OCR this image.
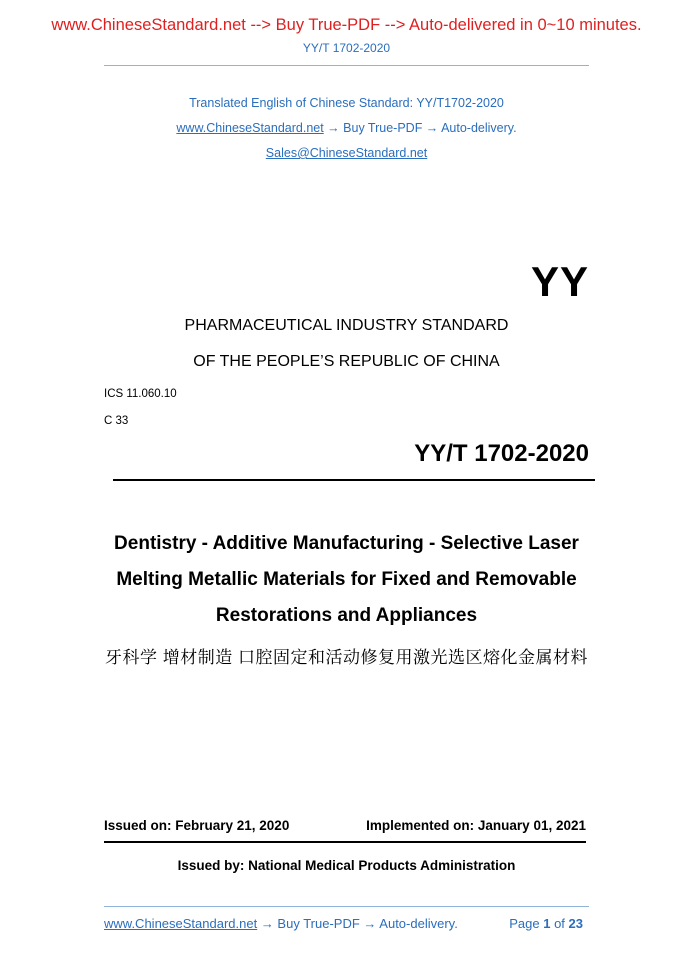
www.ChineseStandard.net --> Buy True-PDF --> Auto-delivered in 0~10 minutes.
YY/T 1702-2020
Translated English of Chinese Standard: YY/T1702-2020
www.ChineseStandard.net → Buy True-PDF → Auto-delivery.
Sales@ChineseStandard.net
YY
PHARMACEUTICAL INDUSTRY STANDARD
OF THE PEOPLE’S REPUBLIC OF CHINA
ICS 11.060.10
C 33
YY/T 1702-2020
Dentistry - Additive Manufacturing - Selective Laser
Melting Metallic Materials for Fixed and Removable
Restorations and Appliances
牙科学 增材制造 口腔固定和活动修复用激光选区熔化金属材料
Issued on: February 21, 2020	Implemented on: January 01, 2021
Issued by: National Medical Products Administration
www.ChineseStandard.net → Buy True-PDF → Auto-delivery.	Page 1 of 23
